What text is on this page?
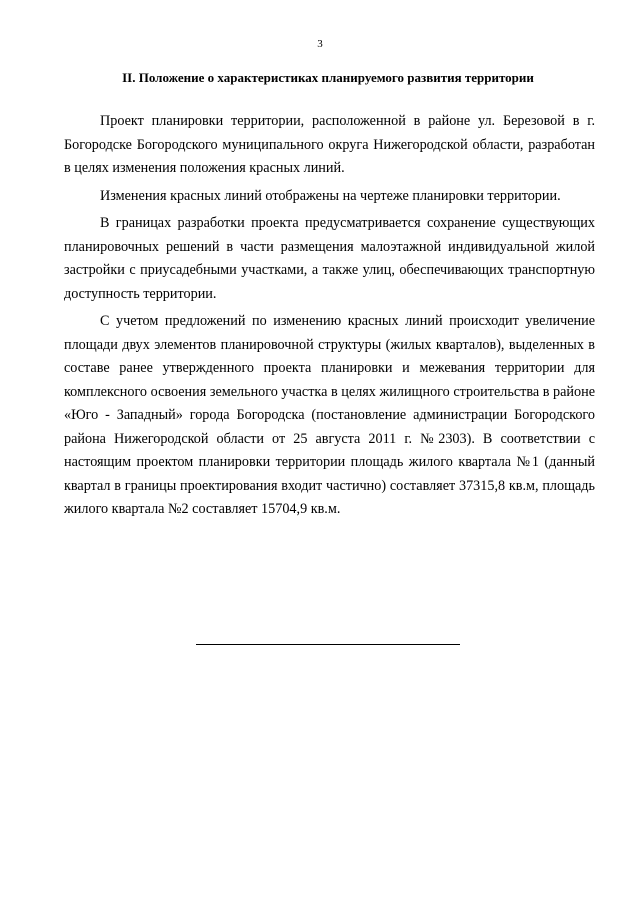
3
II. Положение о характеристиках планируемого развития территории

Проект планировки территории, расположенной в районе ул. Березовой в г. Богородске Богородского муниципального округа Нижегородской области, разработан в целях изменения положения красных линий.

Изменения красных линий отображены на чертеже планировки территории.

В границах разработки проекта предусматривается сохранение существующих планировочных решений в части размещения малоэтажной индивидуальной жилой застройки с приусадебными участками, а также улиц, обеспечивающих транспортную доступность территории.

С учетом предложений по изменению красных линий происходит увеличение площади двух элементов планировочной структуры (жилых кварталов), выделенных в составе ранее утвержденного проекта планировки и межевания территории для комплексного освоения земельного участка в целях жилищного строительства в районе «Юго - Западный» города Богородска (постановление администрации Богородского района Нижегородской области от 25 августа 2011 г. №2303). В соответствии с настоящим проектом планировки территории площадь жилого квартала №1 (данный квартал в границы проектирования входит частично) составляет 37315,8 кв.м, площадь жилого квартала №2 составляет 15704,9 кв.м.
